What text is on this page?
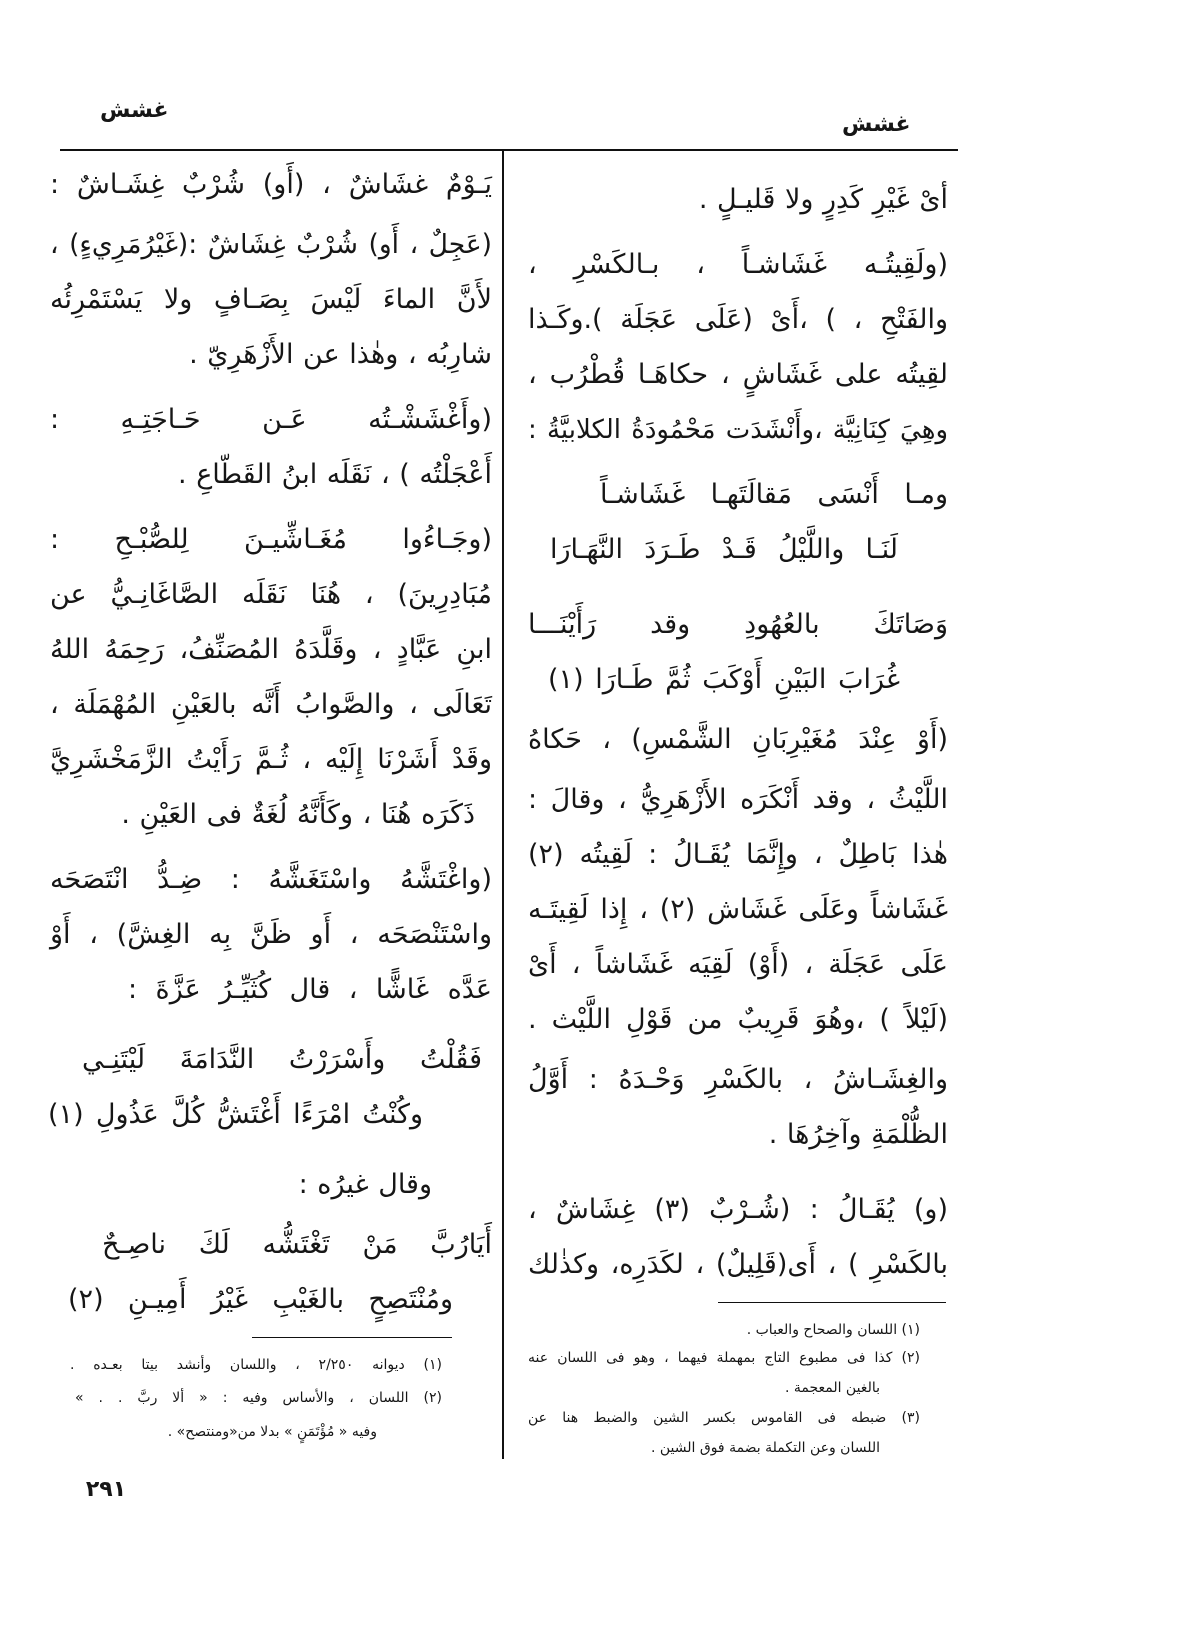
غشش
غشش
أىْ غَيْرِ كَدِرٍ ولا قَليـلٍ .
(ولَقِيتُـه غَشَاشـاً ، بـالكَسْرِ ،
والفَتْحِ ، ) ،أَىْ (عَلَى عَجَلَة ).وكَـذا
لقِيتُه على غَشَاشٍ ، حكاهَـا قُطْرُب ،
وهِيَ كِنَانِيَّة ،وأَنْشَدَت مَحْمُودَةُ الكلابيَّةُ :
ومـا أَنْسَى مَقالَتَهـا غَشَاشـاً
لَنَـا واللَّيْلُ قَـدْ طَـرَدَ النَّهَـارَا
وَصَاتَكَ بالعُهُودِ وقد رَأَيْنَـــا
غُرَابَ البَيْنِ أَوْكَبَ ثُمَّ طَـارَا (١)
(أَوْ عِنْدَ مُغَيْرِبَانِ الشَّمْسِ) ، حَكاهُ
اللَّيْثُ ، وقد أَنْكَرَه الأَزْهَرِيُّ ، وقالَ :
هٰذا بَاطِلٌ ، وإِنَّمَا يُقَـالُ : لَقِيتُه (٢)
غَشَاشاً وعَلَى غَشَاش (٢) ، إِذا لَقِيتَـه
عَلَى عَجَلَة ، (أَوْ) لَقِيَه غَشَاشاً ، أَىْ
(لَيْلاً ) ،وهُوَ قَرِيبٌ من قَوْلِ اللَّيْث .
والغِشَـاشُ ، بالكَسْرِ وَحْـدَهُ : أَوَّلُ
الظُّلْمَةِ وآخِرُهَا .
(و) يُقَـالُ : (شُـرْبٌ (٣) غِشَاشٌ ،
بالكَسْرِ ) ، أَى(قَلِيلٌ) ، لكَدَرِه، وكذٰلك
(١) اللسان والصحاح والعباب .
(٢) كذا فى مطبوع التاج بمهملة فيهما ، وهو فى اللسان عنه
بالغين المعجمة .
(٣) ضبطه فى القاموس بكسر الشين والضبط هنا عن
اللسان وعن التكملة بضمة فوق الشين .
يَـوْمٌ غشَاشٌ ، (أَو) شُرْبٌ غِشَـاشٌ :
(عَجِلٌ ، أَو) شُرْبٌ غِشَاشٌ :(غَيْرُمَرِيءٍ) ،
لأَنَّ الماءَ لَيْسَ بِصَـافٍ ولا يَسْتَمْرِئُه
شارِبُه ، وهٰذا عن الأَزْهَرِيّ .
(وأَغْشَشْـتُه عَـن حَـاجَتِـهِ :
أَعْجَلْتُه ) ، نَقَلَه ابنُ القَطّاعِ .
(وجَـاءُوا مُغَـاشِّيـنَ لِلصُّبْـحِ :
مُبَادِرِينَ) ، هُنَا نَقَلَه الصَّاغَانِـيُّ عن
ابنِ عَبَّادٍ ، وقَلَّدَهُ المُصَنِّفُ، رَحِمَهُ اللهُ
تَعَالَى ، والصَّوابُ أَنَّه بالعَيْنِ المُهْمَلَة ،
وقَدْ أَشَرْنَا إِلَيْه ، ثُـمَّ رَأَيْتُ الزَّمَخْشَرِيَّ
ذَكَرَه هُنَا ، وكَأَنَّهُ لُغَةٌ فى العَيْنِ .
(واغْتَشَّهُ واسْتَغَشَّهُ : ضِـدُّ انْتَصَحَه
واسْتَنْصَحَه ، أَو ظَنَّ بِه الغِشَّ) ، أَوْ
عَدَّه غَاشًّا ، قال كُثَيِّـرُ عَزَّةَ :
فَقُلْتُ وأَسْرَرْتُ النَّدَامَةَ لَيْتَنِـي
وكُنْتُ امْرَءًا أَغْتَشُّ كُلَّ عَذُولِ (١)
وقال غيرُه :
أَيَارُبَّ مَنْ تَغْتَشُّه لَكَ ناصِـحٌ
ومُنْتَصِحٍ بالغَيْبِ غَيْرُ أَمِيـنِ (٢)
(١) ديوانه ٢/٢٥٠ ، واللسان وأنشد بيتا بعـده .
(٢) اللسان ، والأساس وفيه : « ألا ربَّ . . »
وفيه « مُؤْتَمَنٍ » بدلا من«ومنتصح» .
٢٩١
